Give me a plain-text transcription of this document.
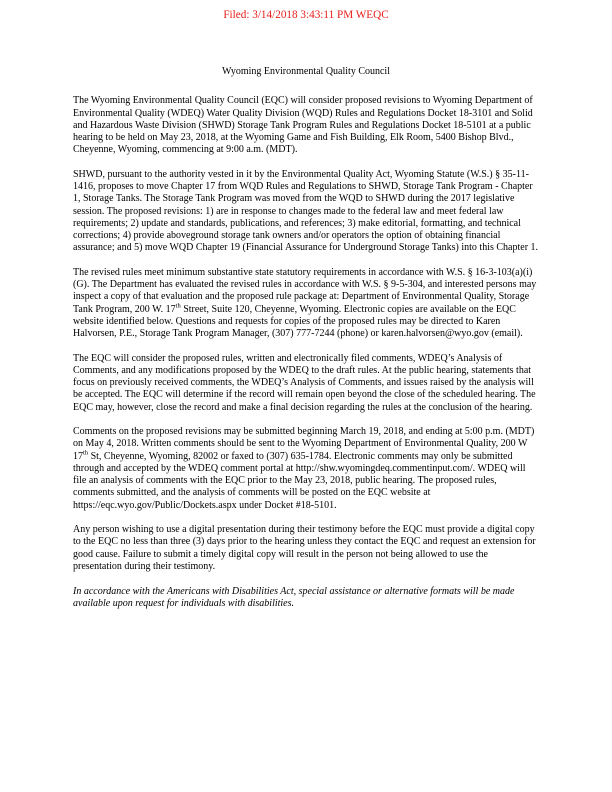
Filed: 3/14/2018 3:43:11 PM WEQC
Wyoming Environmental Quality Council

The Wyoming Environmental Quality Council (EQC) will consider proposed revisions to Wyoming Department of Environmental Quality (WDEQ) Water Quality Division (WQD) Rules and Regulations Docket 18-3101 and Solid and Hazardous Waste Division (SHWD) Storage Tank Program Rules and Regulations Docket 18-5101 at a public hearing to be held on May 23, 2018, at the Wyoming Game and Fish Building, Elk Room, 5400 Bishop Blvd., Cheyenne, Wyoming, commencing at 9:00 a.m. (MDT).

SHWD, pursuant to the authority vested in it by the Environmental Quality Act, Wyoming Statute (W.S.) § 35-11-1416, proposes to move Chapter 17 from WQD Rules and Regulations to SHWD, Storage Tank Program - Chapter 1, Storage Tanks. The Storage Tank Program was moved from the WQD to SHWD during the 2017 legislative session. The proposed revisions: 1) are in response to changes made to the federal law and meet federal law requirements; 2) update and standards, publications, and references; 3) make editorial, formatting, and technical corrections; 4) provide aboveground storage tank owners and/or operators the option of obtaining financial assurance; and 5) move WQD Chapter 19 (Financial Assurance for Underground Storage Tanks) into this Chapter 1.

The revised rules meet minimum substantive state statutory requirements in accordance with W.S. § 16-3-103(a)(i)(G). The Department has evaluated the revised rules in accordance with W.S. § 9-5-304, and interested persons may inspect a copy of that evaluation and the proposed rule package at: Department of Environmental Quality, Storage Tank Program, 200 W. 17th Street, Suite 120, Cheyenne, Wyoming. Electronic copies are available on the EQC website identified below. Questions and requests for copies of the proposed rules may be directed to Karen Halvorsen, P.E., Storage Tank Program Manager, (307) 777-7244 (phone) or karen.halvorsen@wyo.gov (email).

The EQC will consider the proposed rules, written and electronically filed comments, WDEQ’s Analysis of Comments, and any modifications proposed by the WDEQ to the draft rules. At the public hearing, statements that focus on previously received comments, the WDEQ’s Analysis of Comments, and issues raised by the analysis will be accepted. The EQC will determine if the record will remain open beyond the close of the scheduled hearing. The EQC may, however, close the record and make a final decision regarding the rules at the conclusion of the hearing.

Comments on the proposed revisions may be submitted beginning March 19, 2018, and ending at 5:00 p.m. (MDT) on May 4, 2018. Written comments should be sent to the Wyoming Department of Environmental Quality, 200 W 17th St, Cheyenne, Wyoming, 82002 or faxed to (307) 635-1784. Electronic comments may only be submitted through and accepted by the WDEQ comment portal at http://shw.wyomingdeq.commentinput.com/. WDEQ will file an analysis of comments with the EQC prior to the May 23, 2018, public hearing. The proposed rules, comments submitted, and the analysis of comments will be posted on the EQC website at https://eqc.wyo.gov/Public/Dockets.aspx under Docket #18-5101.

Any person wishing to use a digital presentation during their testimony before the EQC must provide a digital copy to the EQC no less than three (3) days prior to the hearing unless they contact the EQC and request an extension for good cause. Failure to submit a timely digital copy will result in the person not being allowed to use the presentation during their testimony.

In accordance with the Americans with Disabilities Act, special assistance or alternative formats will be made available upon request for individuals with disabilities.
